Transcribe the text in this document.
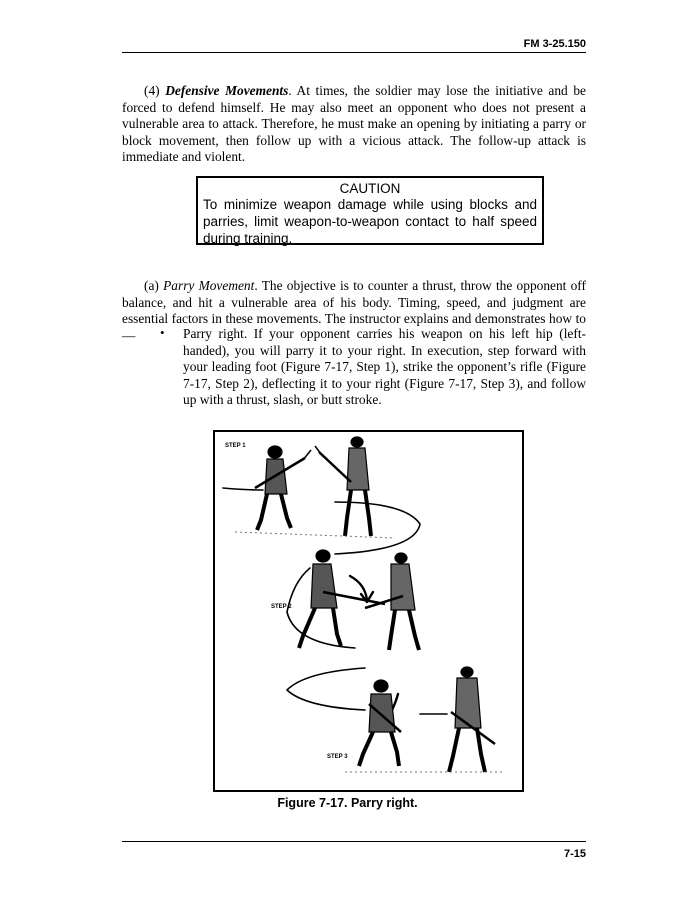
FM 3-25.150

(4) Defensive Movements. At times, the soldier may lose the initiative and be forced to defend himself. He may also meet an opponent who does not present a vulnerable area to attack. Therefore, he must make an opening by initiating a parry or block movement, then follow up with a vicious attack. The follow-up attack is immediate and violent.

CAUTION
To minimize weapon damage while using blocks and parries, limit weapon-to-weapon contact to half speed during training.

(a) Parry Movement. The objective is to counter a thrust, throw the opponent off balance, and hit a vulnerable area of his body. Timing, speed, and judgment are essential factors in these movements. The instructor explains and demonstrates how to—	• Parry right. If your opponent carries his weapon on his left hip (left-handed), you will parry it to your right. In execution, step forward with your leading foot (Figure 7-17, Step 1), strike the opponent’s rifle (Figure 7-17, Step 2), deflecting it to your right (Figure 7-17, Step 3), and follow up with a thrust, slash, or butt stroke.

STEP 1
STEP 2
STEP 3
Figure 7-17. Parry right.
7-15
